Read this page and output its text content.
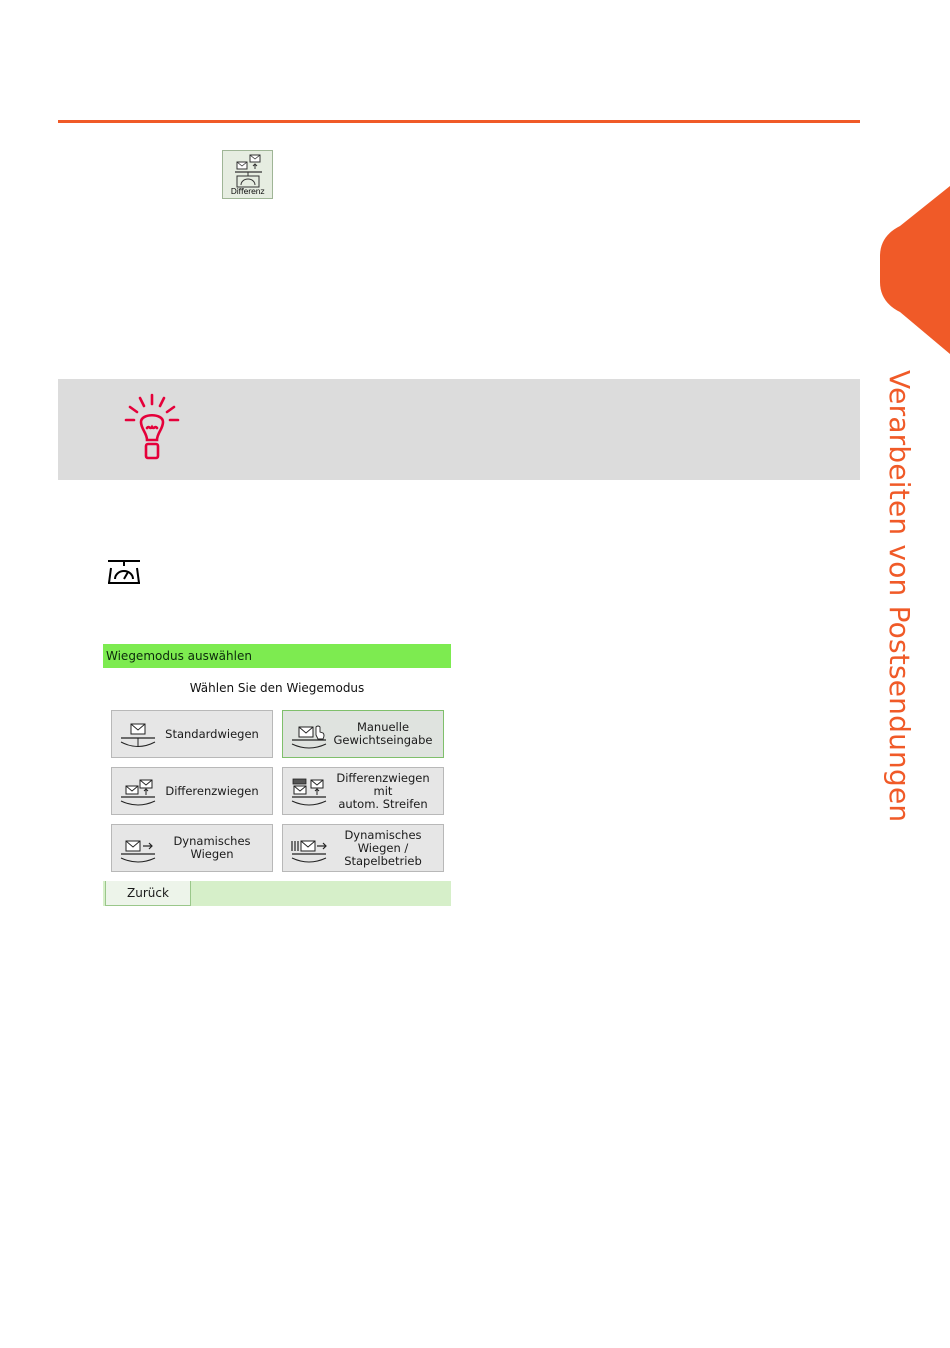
Differenz
Verarbeiten von Postsendungen
Wiegemodus auswählen
Wählen Sie den Wiegemodus
Standardwiegen	Manuelle
Gewichtseingabe
Differenzwiegen
Differenzwiegen mit
autom. Streifen
Dynamisches
Wiegen
Dynamisches
Wiegen /
Stapelbetrieb
Zurück
